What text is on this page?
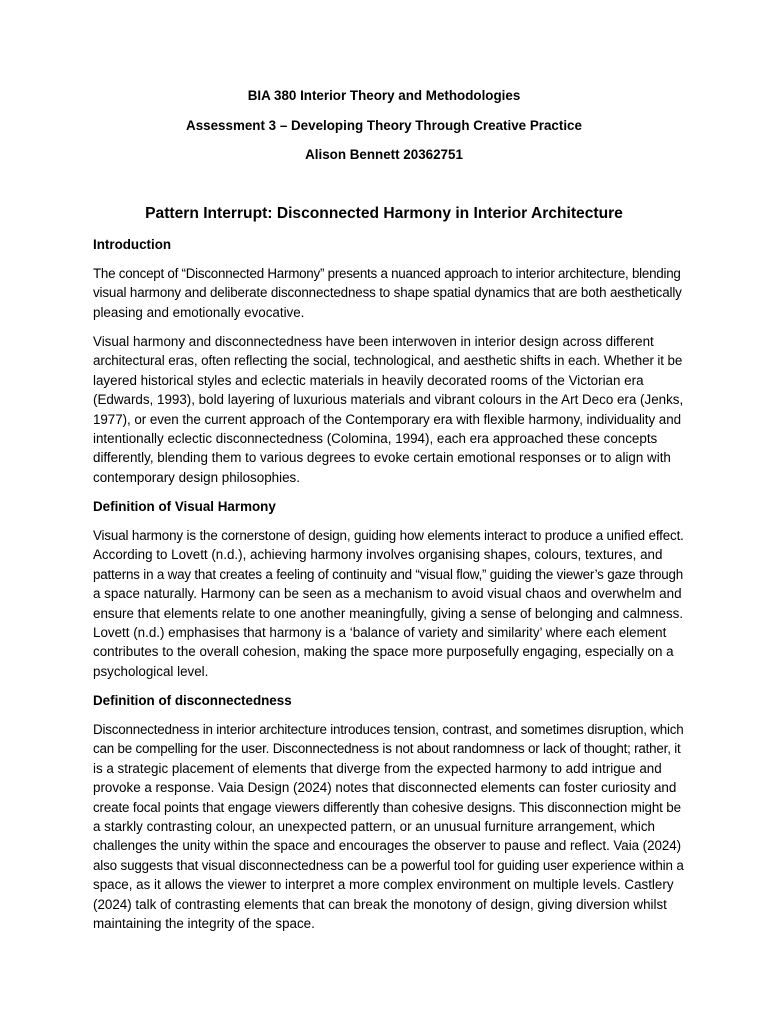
BIA 380 Interior Theory and Methodologies

Assessment 3 – Developing Theory Through Creative Practice

Alison Bennett 20362751

Pattern Interrupt: Disconnected Harmony in Interior Architecture
Introduction

The concept of “Disconnected Harmony” presents a nuanced approach to interior architecture, blending
visual harmony and deliberate disconnectedness to shape spatial dynamics that are both aesthetically
pleasing and emotionally evocative.

Visual harmony and disconnectedness have been interwoven in interior design across different
architectural eras, often reflecting the social, technological, and aesthetic shifts in each. Whether it be
layered historical styles and eclectic materials in heavily decorated rooms of the Victorian era
(Edwards, 1993), bold layering of luxurious materials and vibrant colours in the Art Deco era (Jenks,
1977), or even the current approach of the Contemporary era with flexible harmony, individuality and
intentionally eclectic disconnectedness (Colomina, 1994), each era approached these concepts
differently, blending them to various degrees to evoke certain emotional responses or to align with
contemporary design philosophies.

Definition of Visual Harmony

Visual harmony is the cornerstone of design, guiding how elements interact to produce a unified effect.
According to Lovett (n.d.), achieving harmony involves organising shapes, colours, textures, and
patterns in a way that creates a feeling of continuity and “visual flow,” guiding the viewer’s gaze through
a space naturally. Harmony can be seen as a mechanism to avoid visual chaos and overwhelm and
ensure that elements relate to one another meaningfully, giving a sense of belonging and calmness.
Lovett (n.d.) emphasises that harmony is a ‘balance of variety and similarity’ where each element
contributes to the overall cohesion, making the space more purposefully engaging, especially on a
psychological level.

Definition of disconnectedness

Disconnectedness in interior architecture introduces tension, contrast, and sometimes disruption, which
can be compelling for the user. Disconnectedness is not about randomness or lack of thought; rather, it
is a strategic placement of elements that diverge from the expected harmony to add intrigue and
provoke a response. Vaia Design (2024) notes that disconnected elements can foster curiosity and
create focal points that engage viewers differently than cohesive designs. This disconnection might be
a starkly contrasting colour, an unexpected pattern, or an unusual furniture arrangement, which
challenges the unity within the space and encourages the observer to pause and reflect. Vaia (2024)
also suggests that visual disconnectedness can be a powerful tool for guiding user experience within a
space, as it allows the viewer to interpret a more complex environment on multiple levels. Castlery
(2024) talk of contrasting elements that can break the monotony of design, giving diversion whilst
maintaining the integrity of the space.
